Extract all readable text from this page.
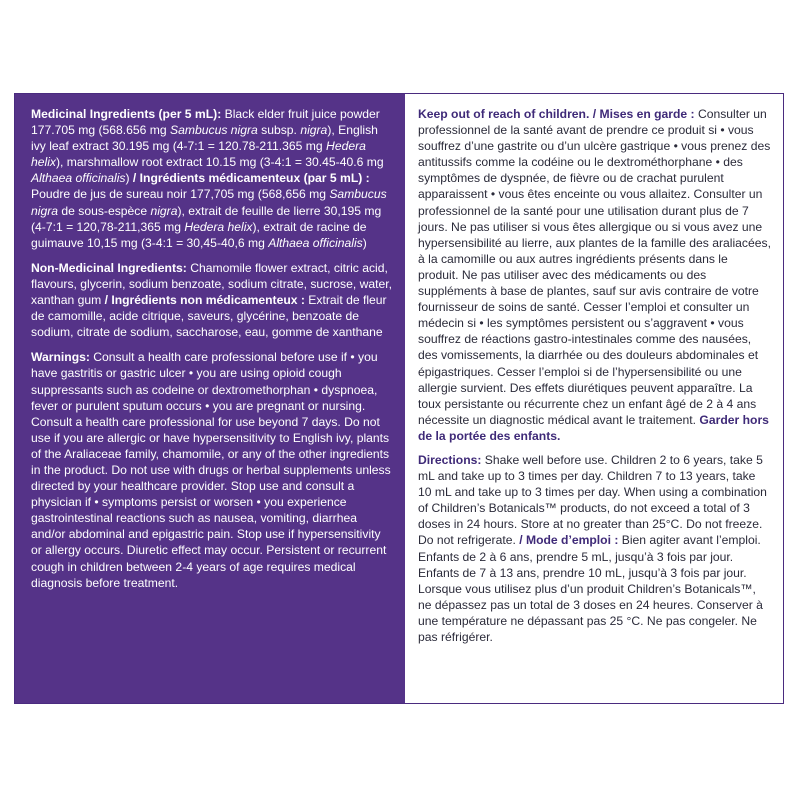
Medicinal Ingredients (per 5 mL): Black elder fruit juice powder 177.705 mg (568.656 mg Sambucus nigra subsp. nigra), English ivy leaf extract 30.195 mg (4-7:1 = 120.78-211.365 mg Hedera helix), marshmallow root extract 10.15 mg (3-4:1 = 30.45-40.6 mg Althaea officinalis) / Ingrédients médicamenteux (par 5 mL) : Poudre de jus de sureau noir 177,705 mg (568,656 mg Sambucus nigra de sous-espèce nigra), extrait de feuille de lierre 30,195 mg (4-7:1 = 120,78-211,365 mg Hedera helix), extrait de racine de guimauve 10,15 mg (3-4:1 = 30,45-40,6 mg Althaea officinalis)

Non-Medicinal Ingredients: Chamomile flower extract, citric acid, flavours, glycerin, sodium benzoate, sodium citrate, sucrose, water, xanthan gum / Ingrédients non médicamenteux : Extrait de fleur de camomille, acide citrique, saveurs, glycérine, benzoate de sodium, citrate de sodium, saccharose, eau, gomme de xanthane

Warnings: Consult a health care professional before use if • you have gastritis or gastric ulcer • you are using opioid cough suppressants such as codeine or dextromethorphan • dyspnoea, fever or purulent sputum occurs • you are pregnant or nursing. Consult a health care professional for use beyond 7 days. Do not use if you are allergic or have hypersensitivity to English ivy, plants of the Araliaceae family, chamomile, or any of the other ingredients in the product. Do not use with drugs or herbal supplements unless directed by your healthcare provider. Stop use and consult a physician if • symptoms persist or worsen • you experience gastrointestinal reactions such as nausea, vomiting, diarrhea and/or abdominal and epigastric pain. Stop use if hypersensitivity or allergy occurs. Diuretic effect may occur. Persistent or recurrent cough in children between 2-4 years of age requires medical diagnosis before treatment.

Keep out of reach of children. / Mises en garde : Consulter un professionnel de la santé avant de prendre ce produit si • vous souffrez d’une gastrite ou d’un ulcère gastrique • vous prenez des antitussifs comme la codéine ou le dextrométhorphane • des symptômes de dyspnée, de fièvre ou de crachat purulent apparaissent • vous êtes enceinte ou vous allaitez. Consulter un professionnel de la santé pour une utilisation durant plus de 7 jours. Ne pas utiliser si vous êtes allergique ou si vous avez une hypersensibilité au lierre, aux plantes de la famille des araliacées, à la camomille ou aux autres ingrédients présents dans le produit. Ne pas utiliser avec des médicaments ou des suppléments à base de plantes, sauf sur avis contraire de votre fournisseur de soins de santé. Cesser l’emploi et consulter un médecin si • les symptômes persistent ou s’aggravent • vous souffrez de réactions gastro-intestinales comme des nausées, des vomissements, la diarrhée ou des douleurs abdominales et épigastriques. Cesser l’emploi si de l’hypersensibilité ou une allergie survient. Des effets diurétiques peuvent apparaître. La toux persistante ou récurrente chez un enfant âgé de 2 à 4 ans nécessite un diagnostic médical avant le traitement. Garder hors de la portée des enfants.

Directions: Shake well before use. Children 2 to 6 years, take 5 mL and take up to 3 times per day. Children 7 to 13 years, take 10 mL and take up to 3 times per day. When using a combination of Children’s Botanicals™ products, do not exceed a total of 3 doses in 24 hours. Store at no greater than 25°C. Do not freeze. Do not refrigerate. / Mode d’emploi : Bien agiter avant l’emploi. Enfants de 2 à 6 ans, prendre 5 mL, jusqu’à 3 fois par jour. Enfants de 7 à 13 ans, prendre 10 mL, jusqu’à 3 fois par jour. Lorsque vous utilisez plus d’un produit Children’s Botanicals™, ne dépassez pas un total de 3 doses en 24 heures. Conserver à une température ne dépassant pas 25 °C. Ne pas congeler. Ne pas réfrigérer.
